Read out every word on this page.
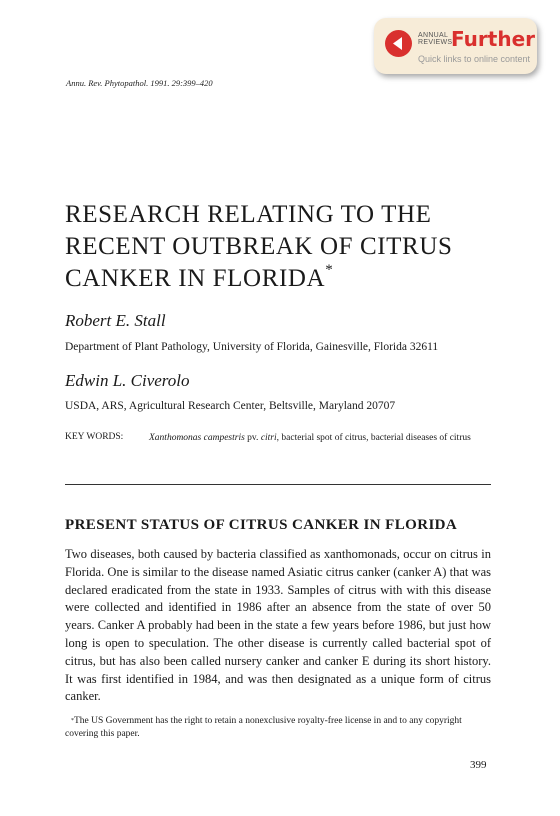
ANNUAL
REVIEWS
Further
Quick links to online content
Annu. Rev. Phytopathol. 1991. 29:399–420
RESEARCH RELATING TO THE
RECENT OUTBREAK OF CITRUS
CANKER IN FLORIDA*
Robert E. Stall
Department of Plant Pathology, University of Florida, Gainesville, Florida 32611
Edwin L. Civerolo
USDA, ARS, Agricultural Research Center, Beltsville, Maryland 20707
KEY WORDS:	Xanthomonas campestris pv. citri, bacterial spot of citrus, bacterial diseases of citrus
PRESENT STATUS OF CITRUS CANKER IN FLORIDA

Two diseases, both caused by bacteria classified as xanthomonads, occur on citrus in Florida. One is similar to the disease named Asiatic citrus canker (canker A) that was declared eradicated from the state in 1933. Samples of citrus with with this disease were collected and identified in 1986 after an absence from the state of over 50 years. Canker A probably had been in the state a few years before 1986, but just how long is open to speculation. The other disease is currently called bacterial spot of citrus, but has also been called nursery canker and canker E during its short history. It was first identified in 1984, and was then designated as a unique form of citrus canker.

*The US Government has the right to retain a nonexclusive royalty-free license in and to any copyright covering this paper.
399
